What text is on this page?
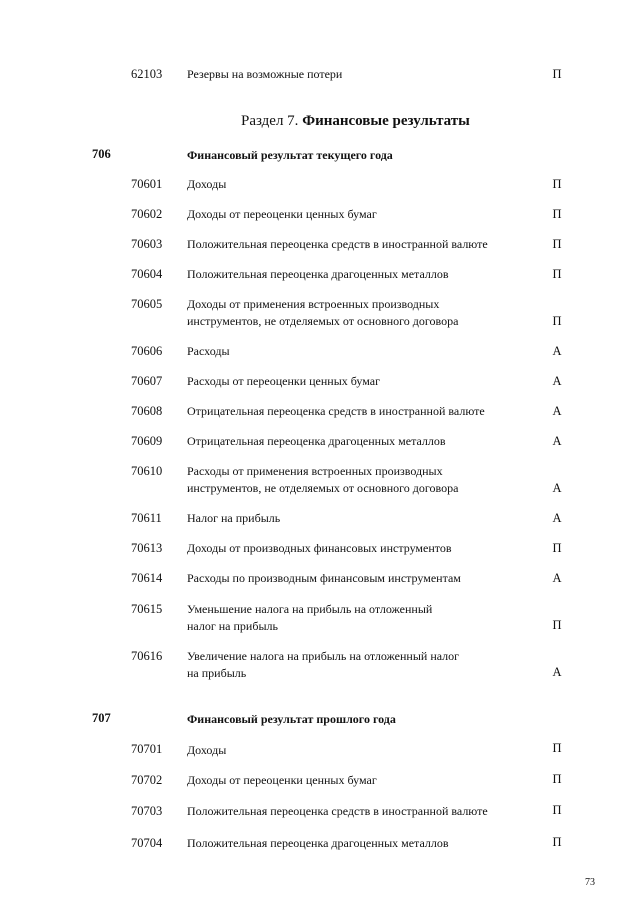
62103 Резервы на возможные потери	П
Раздел 7. Финансовые результаты
706	Финансовый результат текущего года
70601 Доходы	П
70602 Доходы от переоценки ценных бумаг	П
70603 Положительная переоценка средств в иностранной валюте	П
70604 Положительная переоценка драгоценных металлов	П
70605 Доходы от применения встроенных производных
инструментов, не отделяемых от основного договора	П
70606 Расходы	А
70607 Расходы от переоценки ценных бумаг	А
70608 Отрицательная переоценка средств в иностранной валюте	А
70609 Отрицательная переоценка драгоценных металлов	А
70610 Расходы от применения встроенных производных
инструментов, не отделяемых от основного договора	А
70611 Налог на прибыль	А
70613 Доходы от производных финансовых инструментов	П
70614 Расходы по производным финансовым инструментам	А
70615 Уменьшение налога на прибыль на отложенный
налог на прибыль	П
70616 Увеличение налога на прибыль на отложенный налог
на прибыль	А
707	Финансовый результат прошлого года
70701 Доходы	П
70702 Доходы от переоценки ценных бумаг	П
70703 Положительная переоценка средств в иностранной валюте	П
70704 Положительная переоценка драгоценных металлов	П
73
